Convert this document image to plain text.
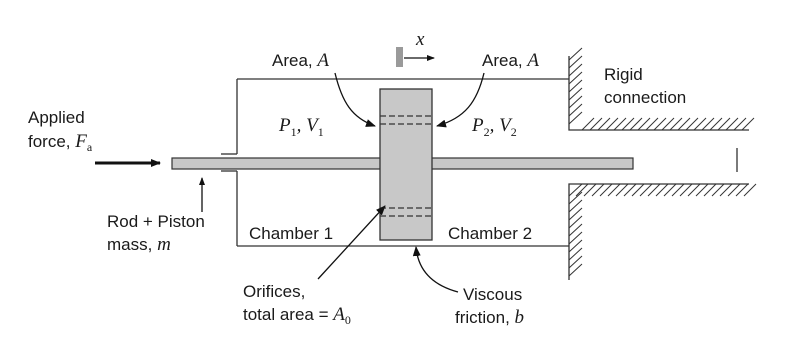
x
Area, A	Area, A
$P_1$, $V_1$	$P_2$, $V_2$
Rigid
connection
Applied
force, $F_a$
Rod + Piston
mass, m
Chamber 1	Chamber 2
Orifices,
total area = $A_0$
Viscous
friction, b
